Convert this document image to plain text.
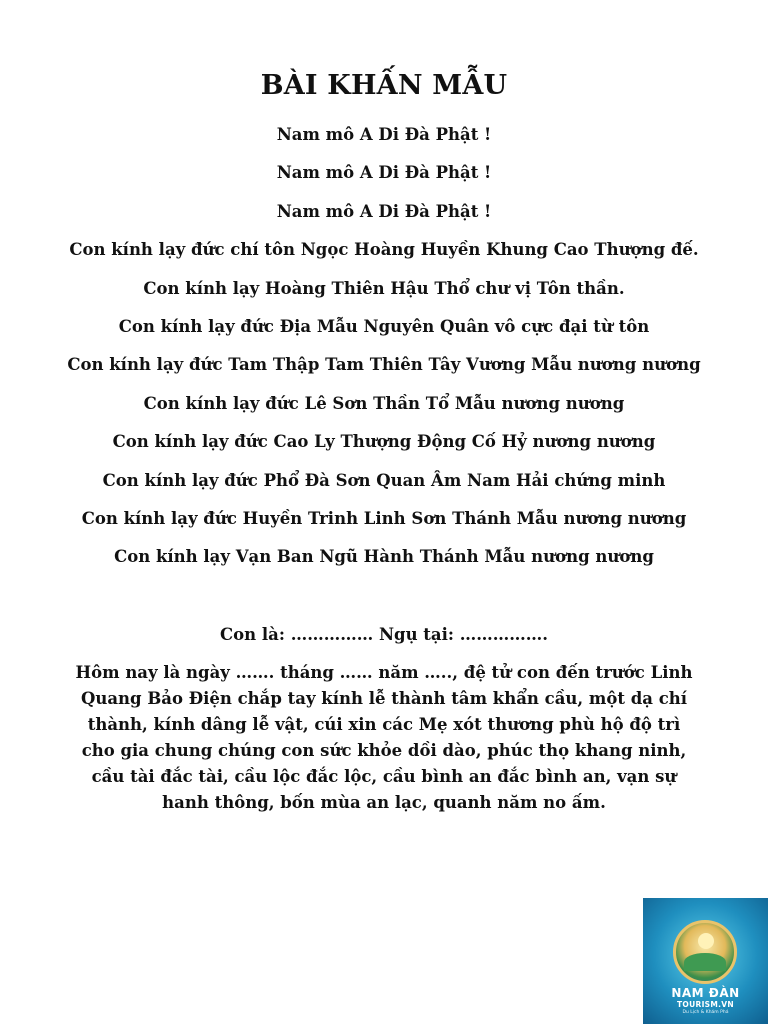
BÀI KHẤN MẪU
Nam mô A Di Đà Phật !
Nam mô A Di Đà Phật !
Nam mô A Di Đà Phật !
Con kính lạy đức chí tôn Ngọc Hoàng Huyền Khung Cao Thượng đế.
Con kính lạy Hoàng Thiên Hậu Thổ chư vị Tôn thần.
Con kính lạy đức Địa Mẫu Nguyên Quân vô cực đại từ tôn
Con kính lạy đức Tam Thập Tam Thiên Tây Vương Mẫu nương nương
Con kính lạy đức Lê Sơn Thần Tổ Mẫu nương nương
Con kính lạy đức Cao Ly Thượng Động Cố Hỷ nương nương
Con kính lạy đức Phổ Đà Sơn Quan Âm Nam Hải chứng minh
Con kính lạy đức Huyền Trinh Linh Sơn Thánh Mẫu nương nương
Con kính lạy Vạn Ban Ngũ Hành Thánh Mẫu nương nương

Con là: …………… Ngụ tại: …………….

Hôm nay là ngày ……. tháng …… năm ….., đệ tử con đến trước Linh Quang Bảo Điện chắp tay kính lễ thành tâm khẩn cầu, một dạ chí thành, kính dâng lễ vật, cúi xin các Mẹ xót thương phù hộ độ trì cho gia chung chúng con sức khỏe dồi dào, phúc thọ khang ninh, cầu tài đắc tài, cầu lộc đắc lộc, cầu bình an đắc bình an, vạn sự hanh thông, bốn mùa an lạc, quanh năm no ấm.

NAM ĐÀN
TOURISM.VN
Du Lịch & Khám Phá
